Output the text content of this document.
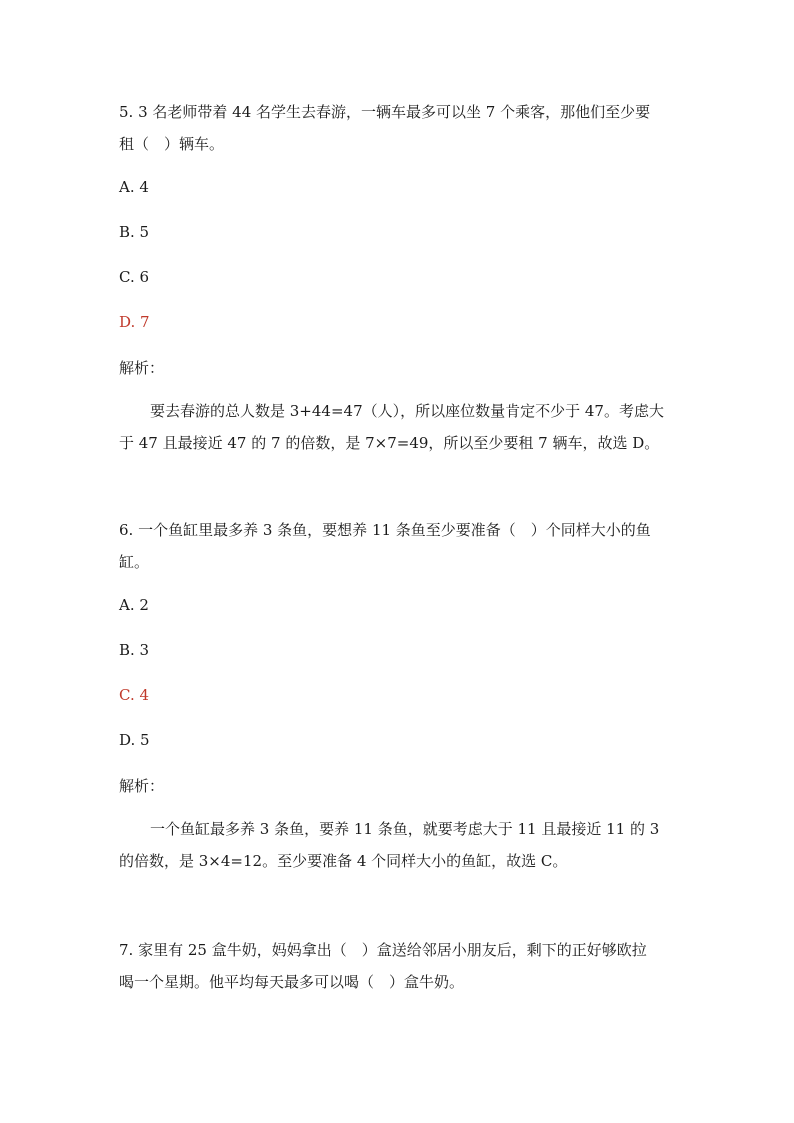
5. 3 名老师带着 44 名学生去春游，一辆车最多可以坐 7 个乘客，那他们至少要
租（　）辆车。
A. 4
B. 5
C. 6
D. 7
解析：
要去春游的总人数是 3+44=47（人），所以座位数量肯定不少于 47。考虑大
于 47 且最接近 47 的 7 的倍数，是 7×7=49，所以至少要租 7 辆车，故选 D。
6. 一个鱼缸里最多养 3 条鱼，要想养 11 条鱼至少要准备（　）个同样大小的鱼
缸。
A. 2
B. 3
C. 4
D. 5
解析：
一个鱼缸最多养 3 条鱼，要养 11 条鱼，就要考虑大于 11 且最接近 11 的 3
的倍数，是 3×4=12。至少要准备 4 个同样大小的鱼缸，故选 C。
7. 家里有 25 盒牛奶，妈妈拿出（　）盒送给邻居小朋友后，剩下的正好够欧拉
喝一个星期。他平均每天最多可以喝（　）盒牛奶。
